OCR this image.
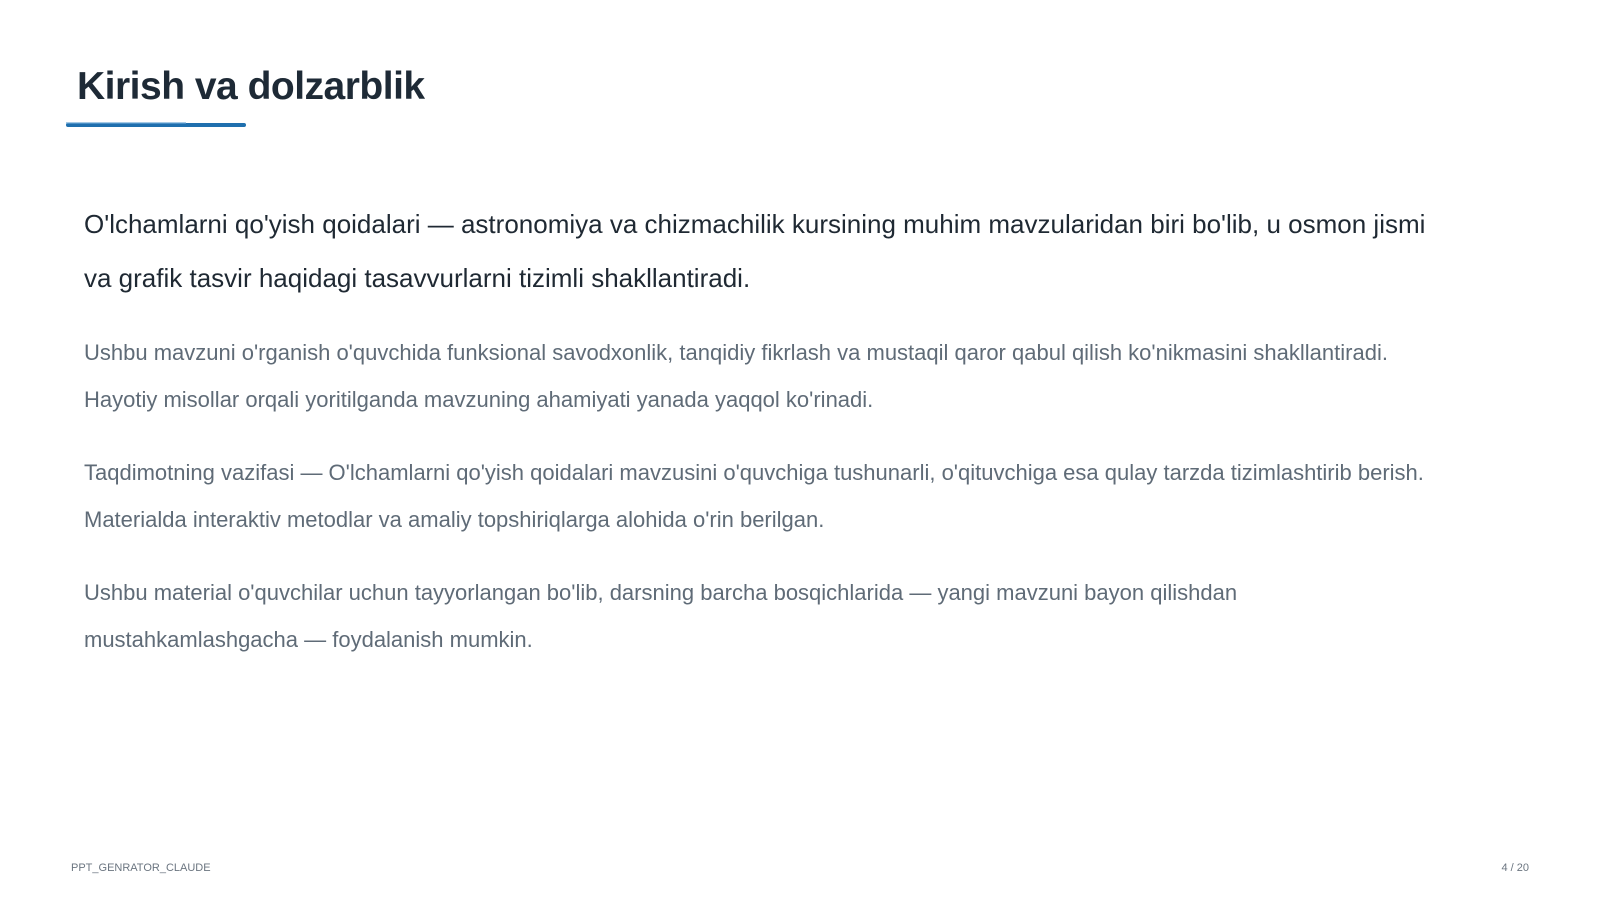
Kirish va dolzarblik

O'lchamlarni qo'yish qoidalari — astronomiya va chizmachilik kursining muhim mavzularidan biri bo'lib, u osmon jismi va grafik tasvir haqidagi tasavvurlarni tizimli shakllantiradi.

Ushbu mavzuni o'rganish o'quvchida funksional savodxonlik, tanqidiy fikrlash va mustaqil qaror qabul qilish ko'nikmasini shakllantiradi. Hayotiy misollar orqali yoritilganda mavzuning ahamiyati yanada yaqqol ko'rinadi.

Taqdimotning vazifasi — O'lchamlarni qo'yish qoidalari mavzusini o'quvchiga tushunarli, o'qituvchiga esa qulay tarzda tizimlashtirib berish. Materialda interaktiv metodlar va amaliy topshiriqlarga alohida o'rin berilgan.

Ushbu material o'quvchilar uchun tayyorlangan bo'lib, darsning barcha bosqichlarida — yangi mavzuni bayon qilishdan mustahkamlashgacha — foydalanish mumkin.

PPT_GENRATOR_CLAUDE	4 / 20
